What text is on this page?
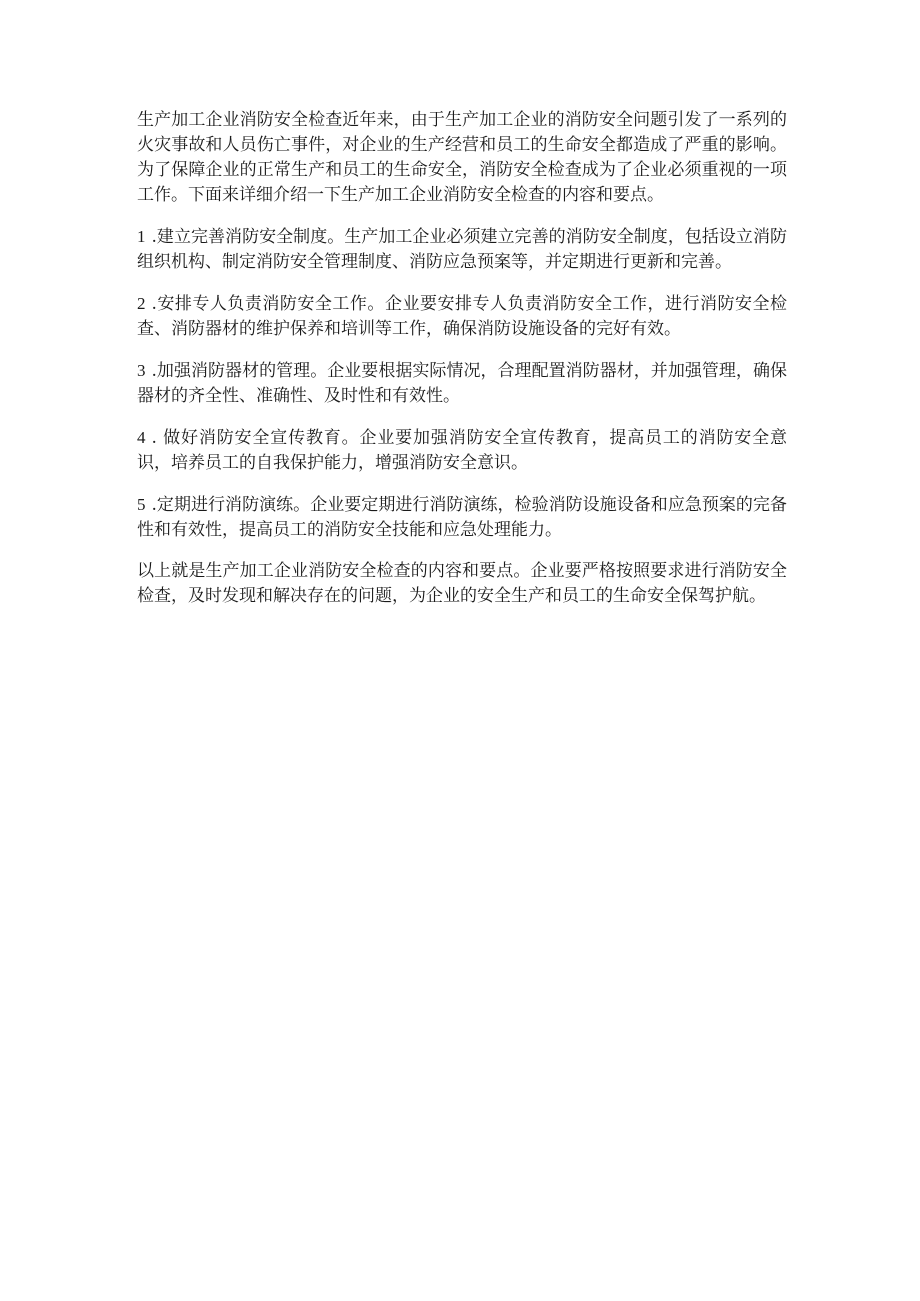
生产加工企业消防安全检查近年来，由于生产加工企业的消防安全问题引发了一系列的火灾事故和人员伤亡事件，对企业的生产经营和员工的生命安全都造成了严重的影响。为了保障企业的正常生产和员工的生命安全，消防安全检查成为了企业必须重视的一项工作。下面来详细介绍一下生产加工企业消防安全检查的内容和要点。

1 .建立完善消防安全制度。生产加工企业必须建立完善的消防安全制度，包括设立消防组织机构、制定消防安全管理制度、消防应急预案等，并定期进行更新和完善。

2 .安排专人负责消防安全工作。企业要安排专人负责消防安全工作，进行消防安全检查、消防器材的维护保养和培训等工作，确保消防设施设备的完好有效。

3 .加强消防器材的管理。企业要根据实际情况，合理配置消防器材，并加强管理，确保器材的齐全性、准确性、及时性和有效性。

4 . 做好消防安全宣传教育。企业要加强消防安全宣传教育，提高员工的消防安全意识，培养员工的自我保护能力，增强消防安全意识。

5 .定期进行消防演练。企业要定期进行消防演练，检验消防设施设备和应急预案的完备性和有效性，提高员工的消防安全技能和应急处理能力。

以上就是生产加工企业消防安全检查的内容和要点。企业要严格按照要求进行消防安全检查，及时发现和解决存在的问题，为企业的安全生产和员工的生命安全保驾护航。
